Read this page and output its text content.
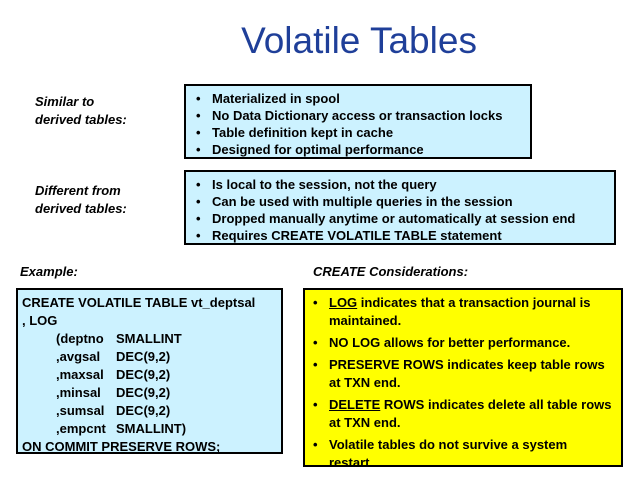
Volatile Tables
Similar to
derived tables:
• Materialized in spool
• No Data Dictionary access or transaction locks
• Table definition kept in cache
• Designed for optimal performance
Different from
derived tables:
• Is local to the session, not the query
• Can be used with multiple queries in the session
• Dropped manually anytime or automatically at session end
• Requires CREATE VOLATILE TABLE statement
Example:	CREATE Considerations:
CREATE VOLATILE TABLE vt_deptsal
, LOG
(deptno SMALLINT
,avgsal	DEC(9,2)
,maxsal DEC(9,2)
,minsal	DEC(9,2)
,sumsal DEC(9,2)
,empcnt SMALLINT)
ON COMMIT PRESERVE ROWS;
• LOG indicates that a transaction journal is maintained.
• NO LOG allows for better performance.
• PRESERVE ROWS indicates keep table rows at TXN end.
• DELETE ROWS indicates delete all table rows at TXN end.
• Volatile tables do not survive a system restart.
